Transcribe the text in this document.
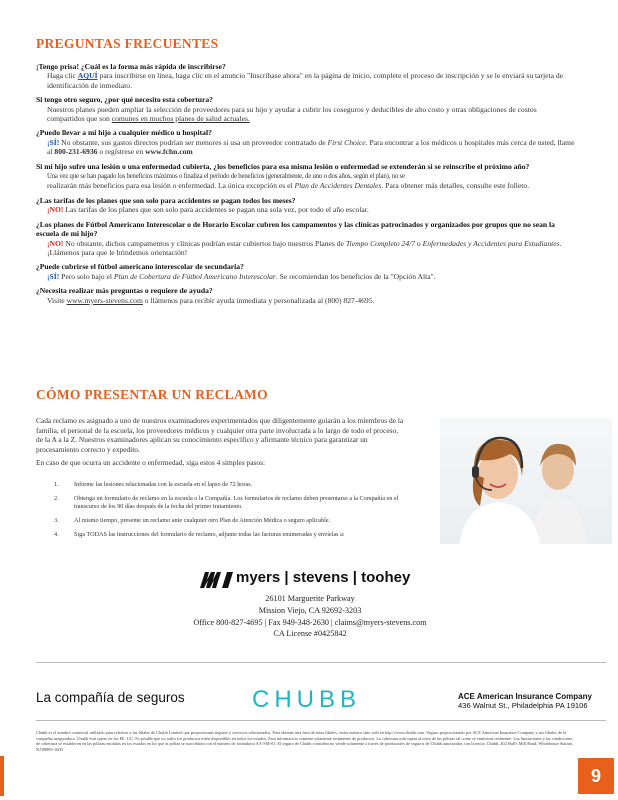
PREGUNTAS FRECUENTES

¡Tengo prisa! ¿Cuál es la forma más rápida de inscribirse?

Haga clic AQUÍ para inscribirse en línea, haga clic en el anuncio "Inscríbase ahora" en la página de inicio, complete el proceso de inscripción y se le enviará su tarjeta de identificación de inmediato.

Si tengo otro seguro, ¿por qué necesito esta cobertura?

Nuestros planes pueden ampliar la selección de proveedores para su hijo y ayudar a cubrir los coseguros y deducibles de alto costo y otras obligaciones de costos compartidos que son comunes en muchos planes de salud actuales.

¿Puedo llevar a mi hijo a cualquier médico u hospital?

¡SÍ! No obstante, sus gastos directos podrían ser menores si usa un proveedor contratado de First Choice. Para encontrar a los médicos u hospitales más cerca de usted, llame al 800-231-6936 o regístrese en www.fchn.com

Si mi hijo sufre una lesión o una enfermedad cubierta, ¿los beneficios para esa misma lesión o enfermedad se extenderán si se reinscribe el próximo año?

Una vez que se han pagado los beneficios máximos o finaliza el período de beneficios (generalmente, de uno o dos años, según el plan), no se
realizarán más beneficios para esa lesión o enfermedad. La única excepción es el Plan de Accidentes Dentales. Para obtener más detalles, consulte este folleto.

¿Las tarifas de los planes que son solo para accidentes se pagan todos los meses?

¡NO! Las tarifas de los planes que son solo para accidentes se pagan una sola vez, por todo el año escolar.

¿Los planes de Fútbol Americano Interescolar o de Horario Escolar cubren los campamentos y las clínicas patrocinados y organizados por grupos que no sean la escuela de mi hijo?

¡NO! No obstante, dichos campamentos y clínicas podrían estar cubiertos bajo nuestros Planes de Tiempo Completo 24/7 o Enfermedades y Accidentes para Estudiantes. ¡Llámenos para que le brindemos orientación!

¿Puede cubrirse el fútbol americano interescolar de secundaria?

¡SÍ! Pero solo bajo el Plan de Cobertura de Fútbol Americano Interescolar. Se recomiendan los beneficios de la "Opción Alta".

¿Necesita realizar más preguntas o requiere de ayuda?

Visite www.myers-stevens.com o llámenos para recibir ayuda inmediata y personalizada al (800) 827-4695.

CÓMO PRESENTAR UN RECLAMO
Cada reclamo es asignado a uno de nuestros examinadores experimentados que diligentemente guiarán a los miembros de la familia, el personal de la escuela, los proveedores médicos y cualquier otra parte involucrada a lo largo de todo el proceso, de la A a la Z. Nuestros examinadores aplican su conocimiento específico y afirmante técnico para garantizar un procesamiento correcto y expedito.
En caso de que ocurra un accidente o enfermedad, siga estos 4 simples pasos:
1.	Informe las lesiones relacionadas con la escuela en el lapso de 72 horas.
2.	Obtenga un formulario de reclamo en la escuela o la Compañía. Los formularios de reclamo deben presentarse a la Compañía en el transcurso de los 90 días después de la fecha del primer tratamiento.
3.	Al mismo tiempo, presente un reclamo ante cualquier otro Plan de Atención Médica o seguro aplicable.
4.	Siga TODAS las instrucciones del formulario de reclamo, adjunte todas las facturas enumeradas y envíelas a:
myers | stevens | toohey
26101 Marguerite Parkway
Mission Viejo, CA 92692-3203
Office 800-827-4695 | Fax 949-348-2630 | claims@myers-stevens.com
CA License #0425842
La compañía de seguros	CHUBB	ACE American Insurance Company
436 Walnut St., Philadelphia PA 19106
Chubb es el nombre comercial utilizado para referirse a las filiales de Chubb Limited que proporcionan seguros y servicios relacionados. Para obtener una lista de estas filiales, visite nuestro sitio web en http://www.chubb.com. Seguro proporcionado por ACE American Insurance Company y sus filiales de la compañía aseguradora. Chubb está sujeto en los EE. UU. Es posible que no todos los productos estén disponibles en todos los estados. Esta información contiene solamente resúmenes de productos. La cobertura está sujeta al texto de las pólizas tal como se emitieron realmente. Las limitaciones y las condiciones de cobertura se establecen en las pólizas emitidas en los estados en los que la póliza se suscribirán con el número de formulario AA-SM-01. El seguro de Chubb considera no vende solamente a través de productores de seguros de Chubb autorizados con licencia. Chubb, 202 Hall's Mill Road, Whitehouse Station, NJ 08889-1600
9
